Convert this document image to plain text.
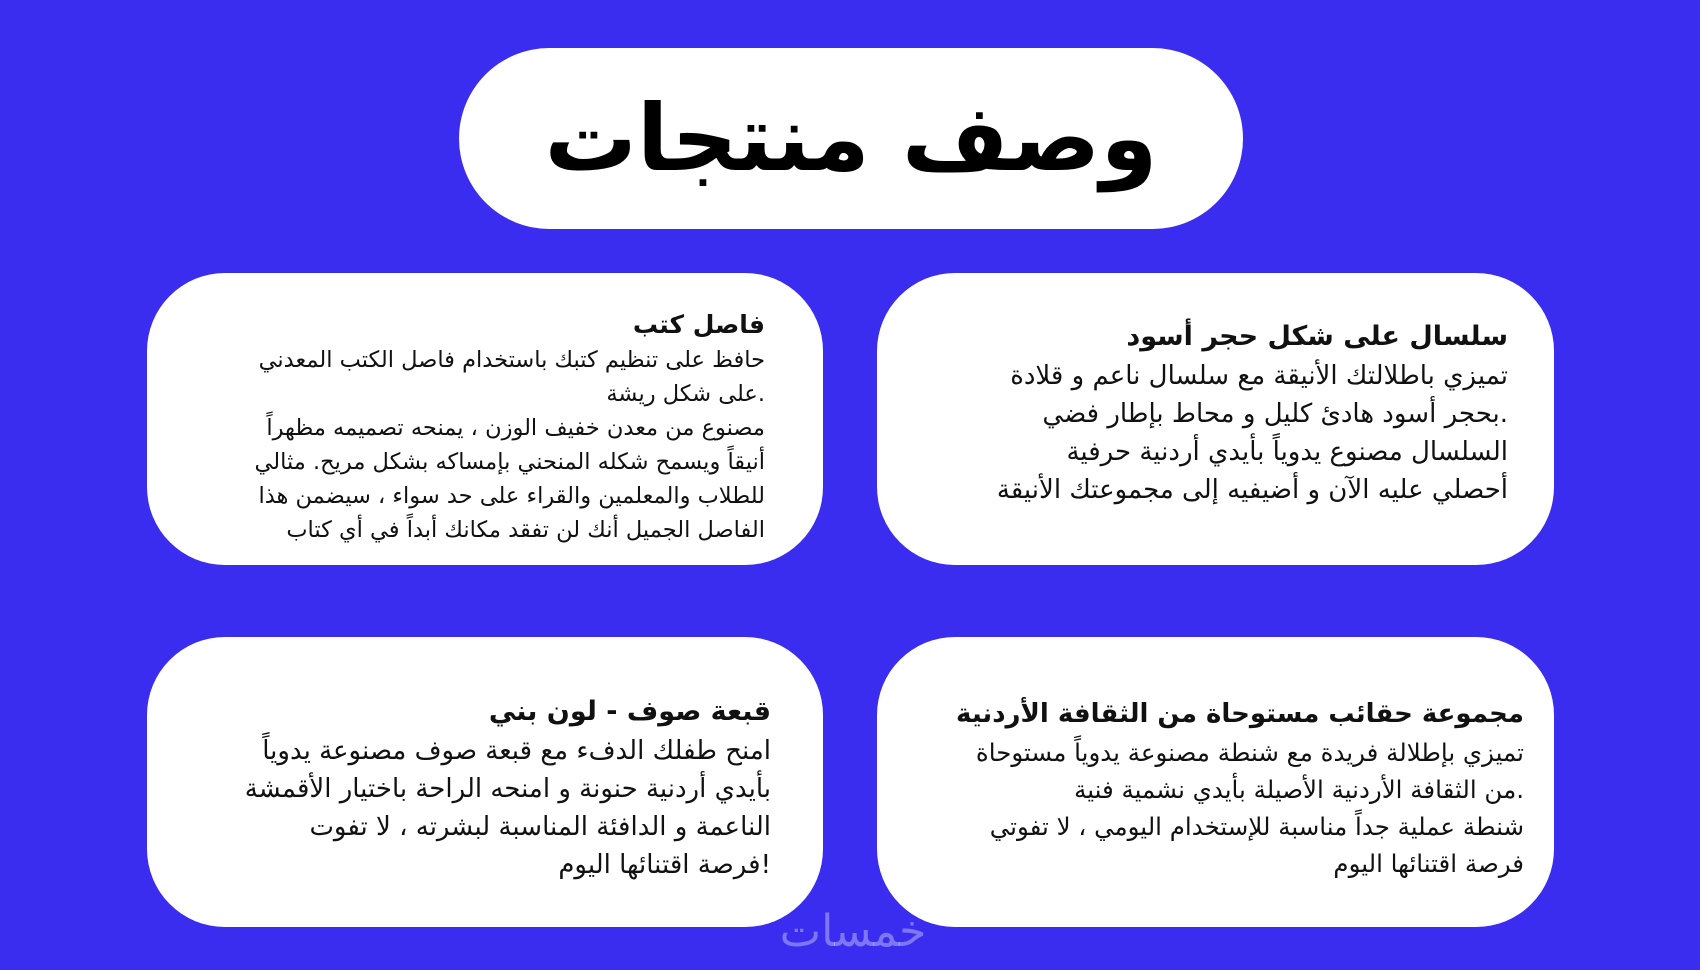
وصف منتجات

سلسال على شكل حجر أسود

تميزي باطلالتك الأنيقة مع سلسال ناعم و قلادة

.بحجر أسود هادئ كليل و محاط بإطار فضي

السلسال مصنوع يدوياً بأيدي أردنية حرفية

أحصلي عليه الآن و أضيفيه إلى مجموعتك الأنيقة

فاصل كتب

حافظ على تنظيم كتبك باستخدام فاصل الكتب المعدني

.على شكل ريشة

مصنوع من معدن خفيف الوزن ، يمنحه تصميمه مظهراً

أنيقاً ويسمح شكله المنحني بإمساكه بشكل مريح. مثالي

للطلاب والمعلمين والقراء على حد سواء ، سيضمن هذا

الفاصل الجميل أنك لن تفقد مكانك أبداً في أي كتاب

مجموعة حقائب مستوحاة من الثقافة الأردنية

تميزي بإطلالة فريدة مع شنطة مصنوعة يدوياً مستوحاة

.من الثقافة الأردنية الأصيلة بأيدي نشمية فنية

شنطة عملية جداً مناسبة للإستخدام اليومي ، لا تفوتي

فرصة اقتنائها اليوم

قبعة صوف - لون بني

امنح طفلك الدفء مع قبعة صوف مصنوعة يدوياً

بأيدي أردنية حنونة و امنحه الراحة باختيار الأقمشة

الناعمة و الدافئة المناسبة لبشرته ، لا تفوت

!فرصة اقتنائها اليوم

خمسات
